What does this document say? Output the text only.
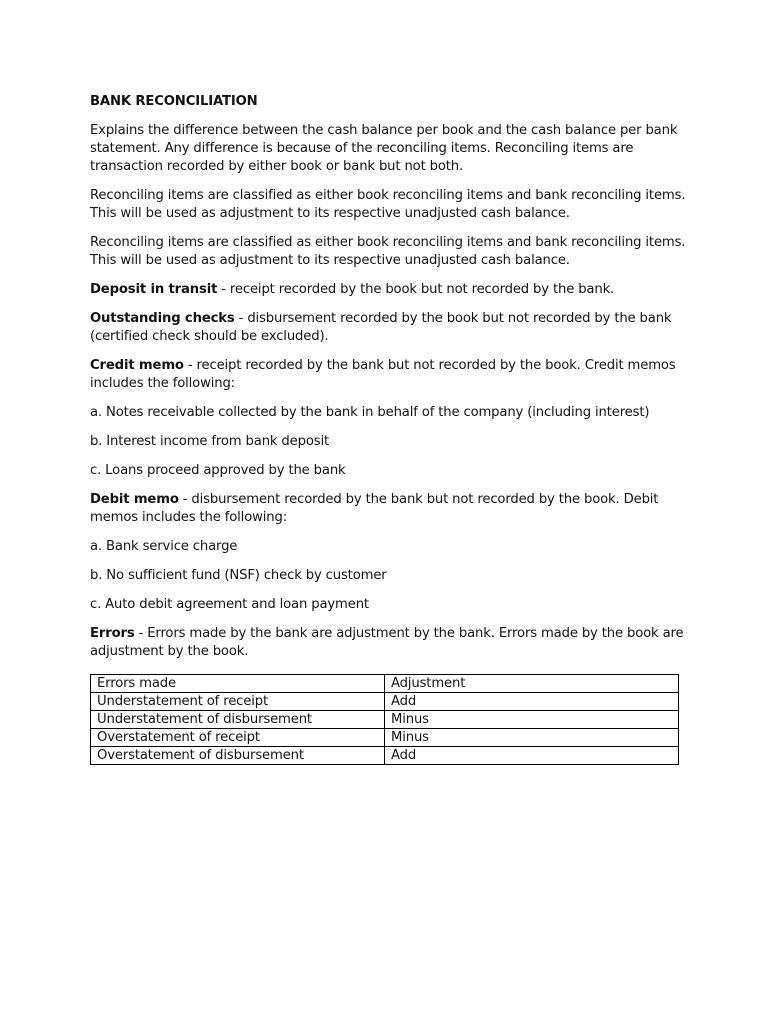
BANK RECONCILIATION

Explains the difference between the cash balance per book and the cash balance per bank statement. Any difference is because of the reconciling items. Reconciling items are transaction recorded by either book or bank but not both.

Reconciling items are classified as either book reconciling items and bank reconciling items. This will be used as adjustment to its respective unadjusted cash balance.

Reconciling items are classified as either book reconciling items and bank reconciling items. This will be used as adjustment to its respective unadjusted cash balance.

Deposit in transit - receipt recorded by the book but not recorded by the bank.

Outstanding checks - disbursement recorded by the book but not recorded by the bank (certified check should be excluded).

Credit memo - receipt recorded by the bank but not recorded by the book. Credit memos includes the following:

a. Notes receivable collected by the bank in behalf of the company (including interest)

b. Interest income from bank deposit

c. Loans proceed approved by the bank

Debit memo - disbursement recorded by the bank but not recorded by the book. Debit memos includes the following:

a. Bank service charge

b. No sufficient fund (NSF) check by customer

c. Auto debit agreement and loan payment

Errors - Errors made by the bank are adjustment by the bank. Errors made by the book are adjustment by the book.

Errors made	Adjustment
Understatement of receipt	Add
Understatement of disbursement	Minus
Overstatement of receipt	Minus
Overstatement of disbursement	Add
